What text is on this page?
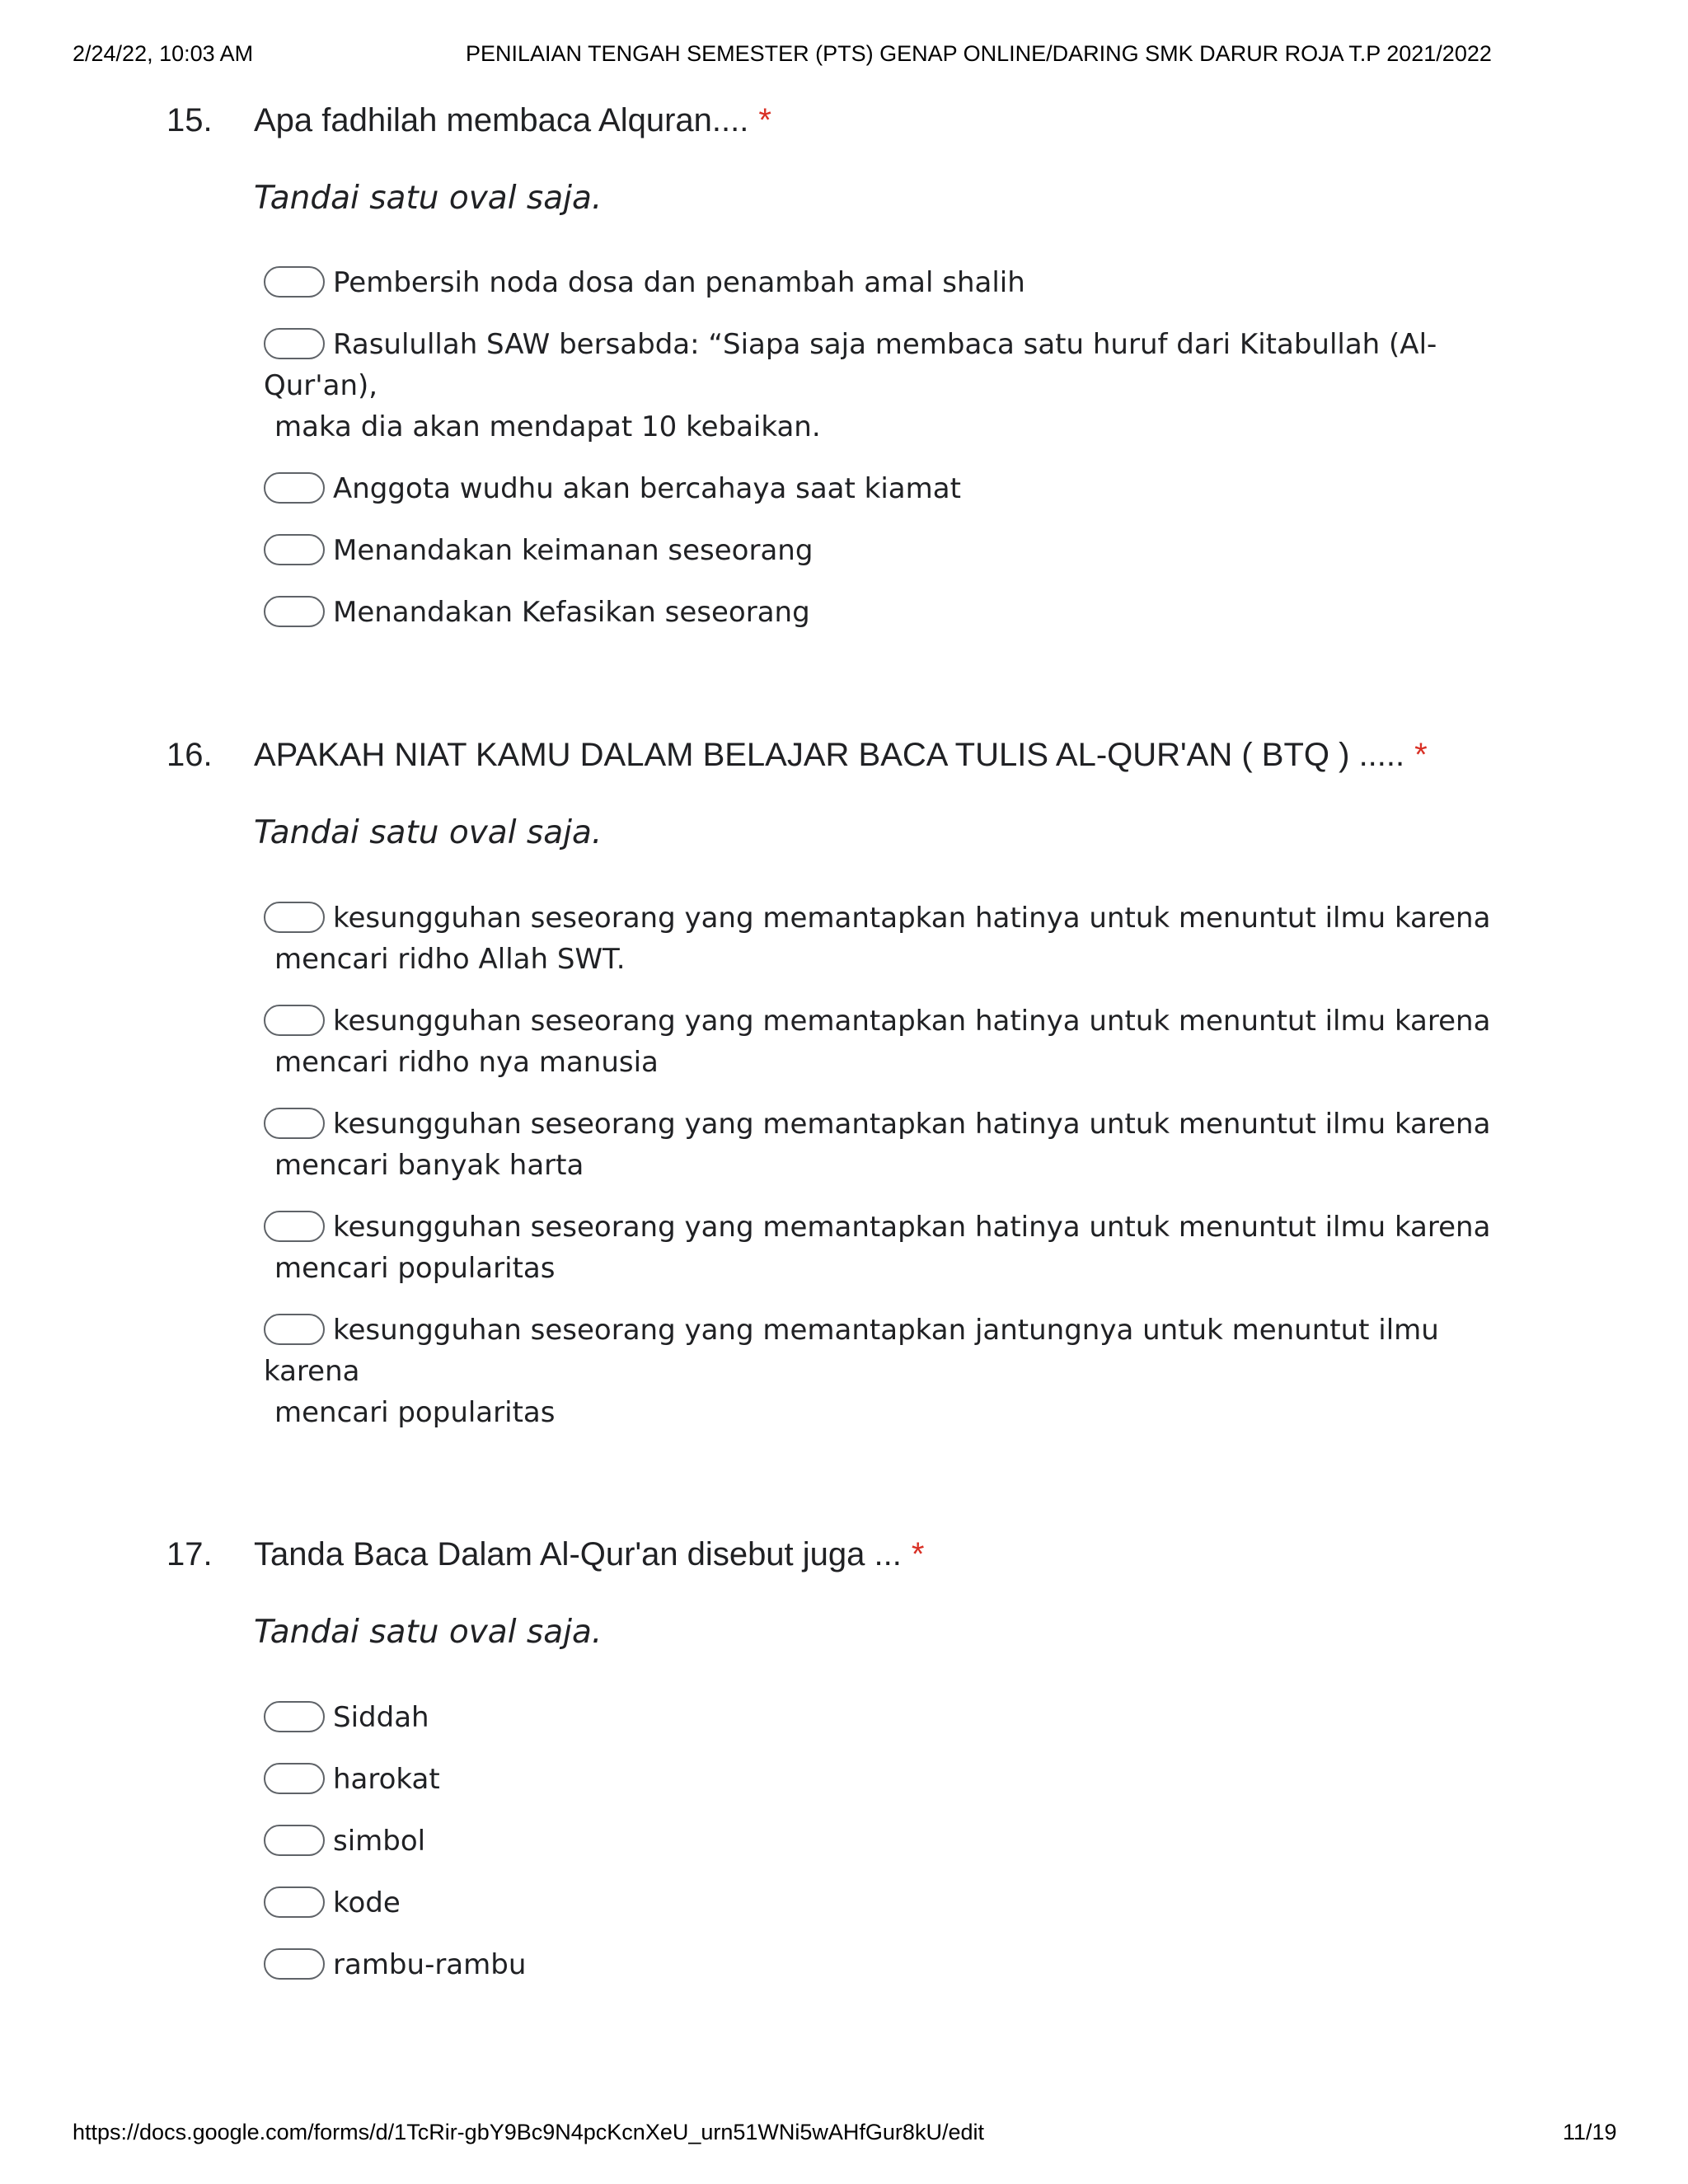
2/24/22, 10:03 AM	PENILAIAN TENGAH SEMESTER (PTS) GENAP ONLINE/DARING SMK DARUR ROJA T.P 2021/2022
15. Apa fadhilah membaca Alquran.... *
Tandai satu oval saja.
Pembersih noda dosa dan penambah amal shalih
Rasulullah SAW bersabda: “Siapa saja membaca satu huruf dari Kitabullah (Al-Qur'an),
maka dia akan mendapat 10 kebaikan.
Anggota wudhu akan bercahaya saat kiamat
Menandakan keimanan seseorang
Menandakan Kefasikan seseorang
16. APAKAH NIAT KAMU DALAM BELAJAR BACA TULIS AL-QUR'AN ( BTQ ) ..... *
Tandai satu oval saja.
kesungguhan seseorang yang memantapkan hatinya untuk menuntut ilmu karena
mencari ridho Allah SWT.
kesungguhan seseorang yang memantapkan hatinya untuk menuntut ilmu karena
mencari ridho nya manusia
kesungguhan seseorang yang memantapkan hatinya untuk menuntut ilmu karena
mencari banyak harta
kesungguhan seseorang yang memantapkan hatinya untuk menuntut ilmu karena
mencari popularitas
kesungguhan seseorang yang memantapkan jantungnya untuk menuntut ilmu karena
mencari popularitas
17. Tanda Baca Dalam Al-Qur'an disebut juga ... *
Tandai satu oval saja.
Siddah
harokat
simbol
kode
rambu-rambu
https://docs.google.com/forms/d/1TcRir-gbY9Bc9N4pcKcnXeU_urn51WNi5wAHfGur8kU/edit	11/19
